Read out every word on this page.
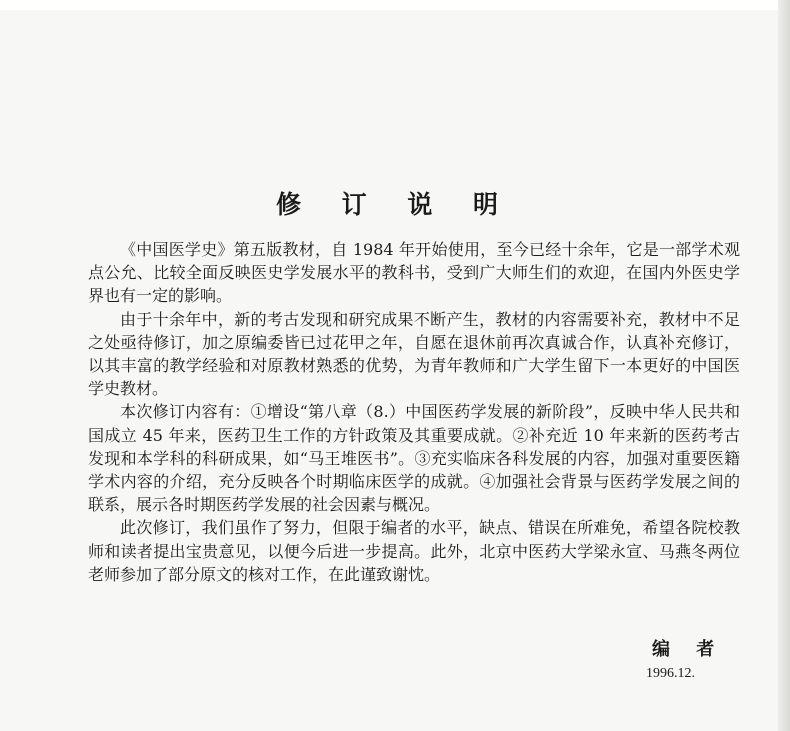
修 订 说 明

《中国医学史》第五版教材，自 1984 年开始使用，至今已经十余年，它是一部学术观点公允、比较全面反映医史学发展水平的教科书，受到广大师生们的欢迎，在国内外医史学界也有一定的影响。

由于十余年中，新的考古发现和研究成果不断产生，教材的内容需要补充，教材中不足之处亟待修订，加之原编委皆已过花甲之年，自愿在退休前再次真诚合作，认真补充修订，以其丰富的教学经验和对原教材熟悉的优势，为青年教师和广大学生留下一本更好的中国医学史教材。

本次修订内容有：①增设“第八章（8.）中国医药学发展的新阶段”，反映中华人民共和国成立 45 年来，医药卫生工作的方针政策及其重要成就。②补充近 10 年来新的医药考古发现和本学科的科研成果，如“马王堆医书”。③充实临床各科发展的内容，加强对重要医籍学术内容的介绍，充分反映各个时期临床医学的成就。④加强社会背景与医药学发展之间的联系，展示各时期医药学发展的社会因素与概况。

此次修订，我们虽作了努力，但限于编者的水平，缺点、错误在所难免，希望各院校教师和读者提出宝贵意见，以便今后进一步提高。此外，北京中医药大学梁永宣、马燕冬两位老师参加了部分原文的核对工作，在此谨致谢忱。

编 者
1996.12.
